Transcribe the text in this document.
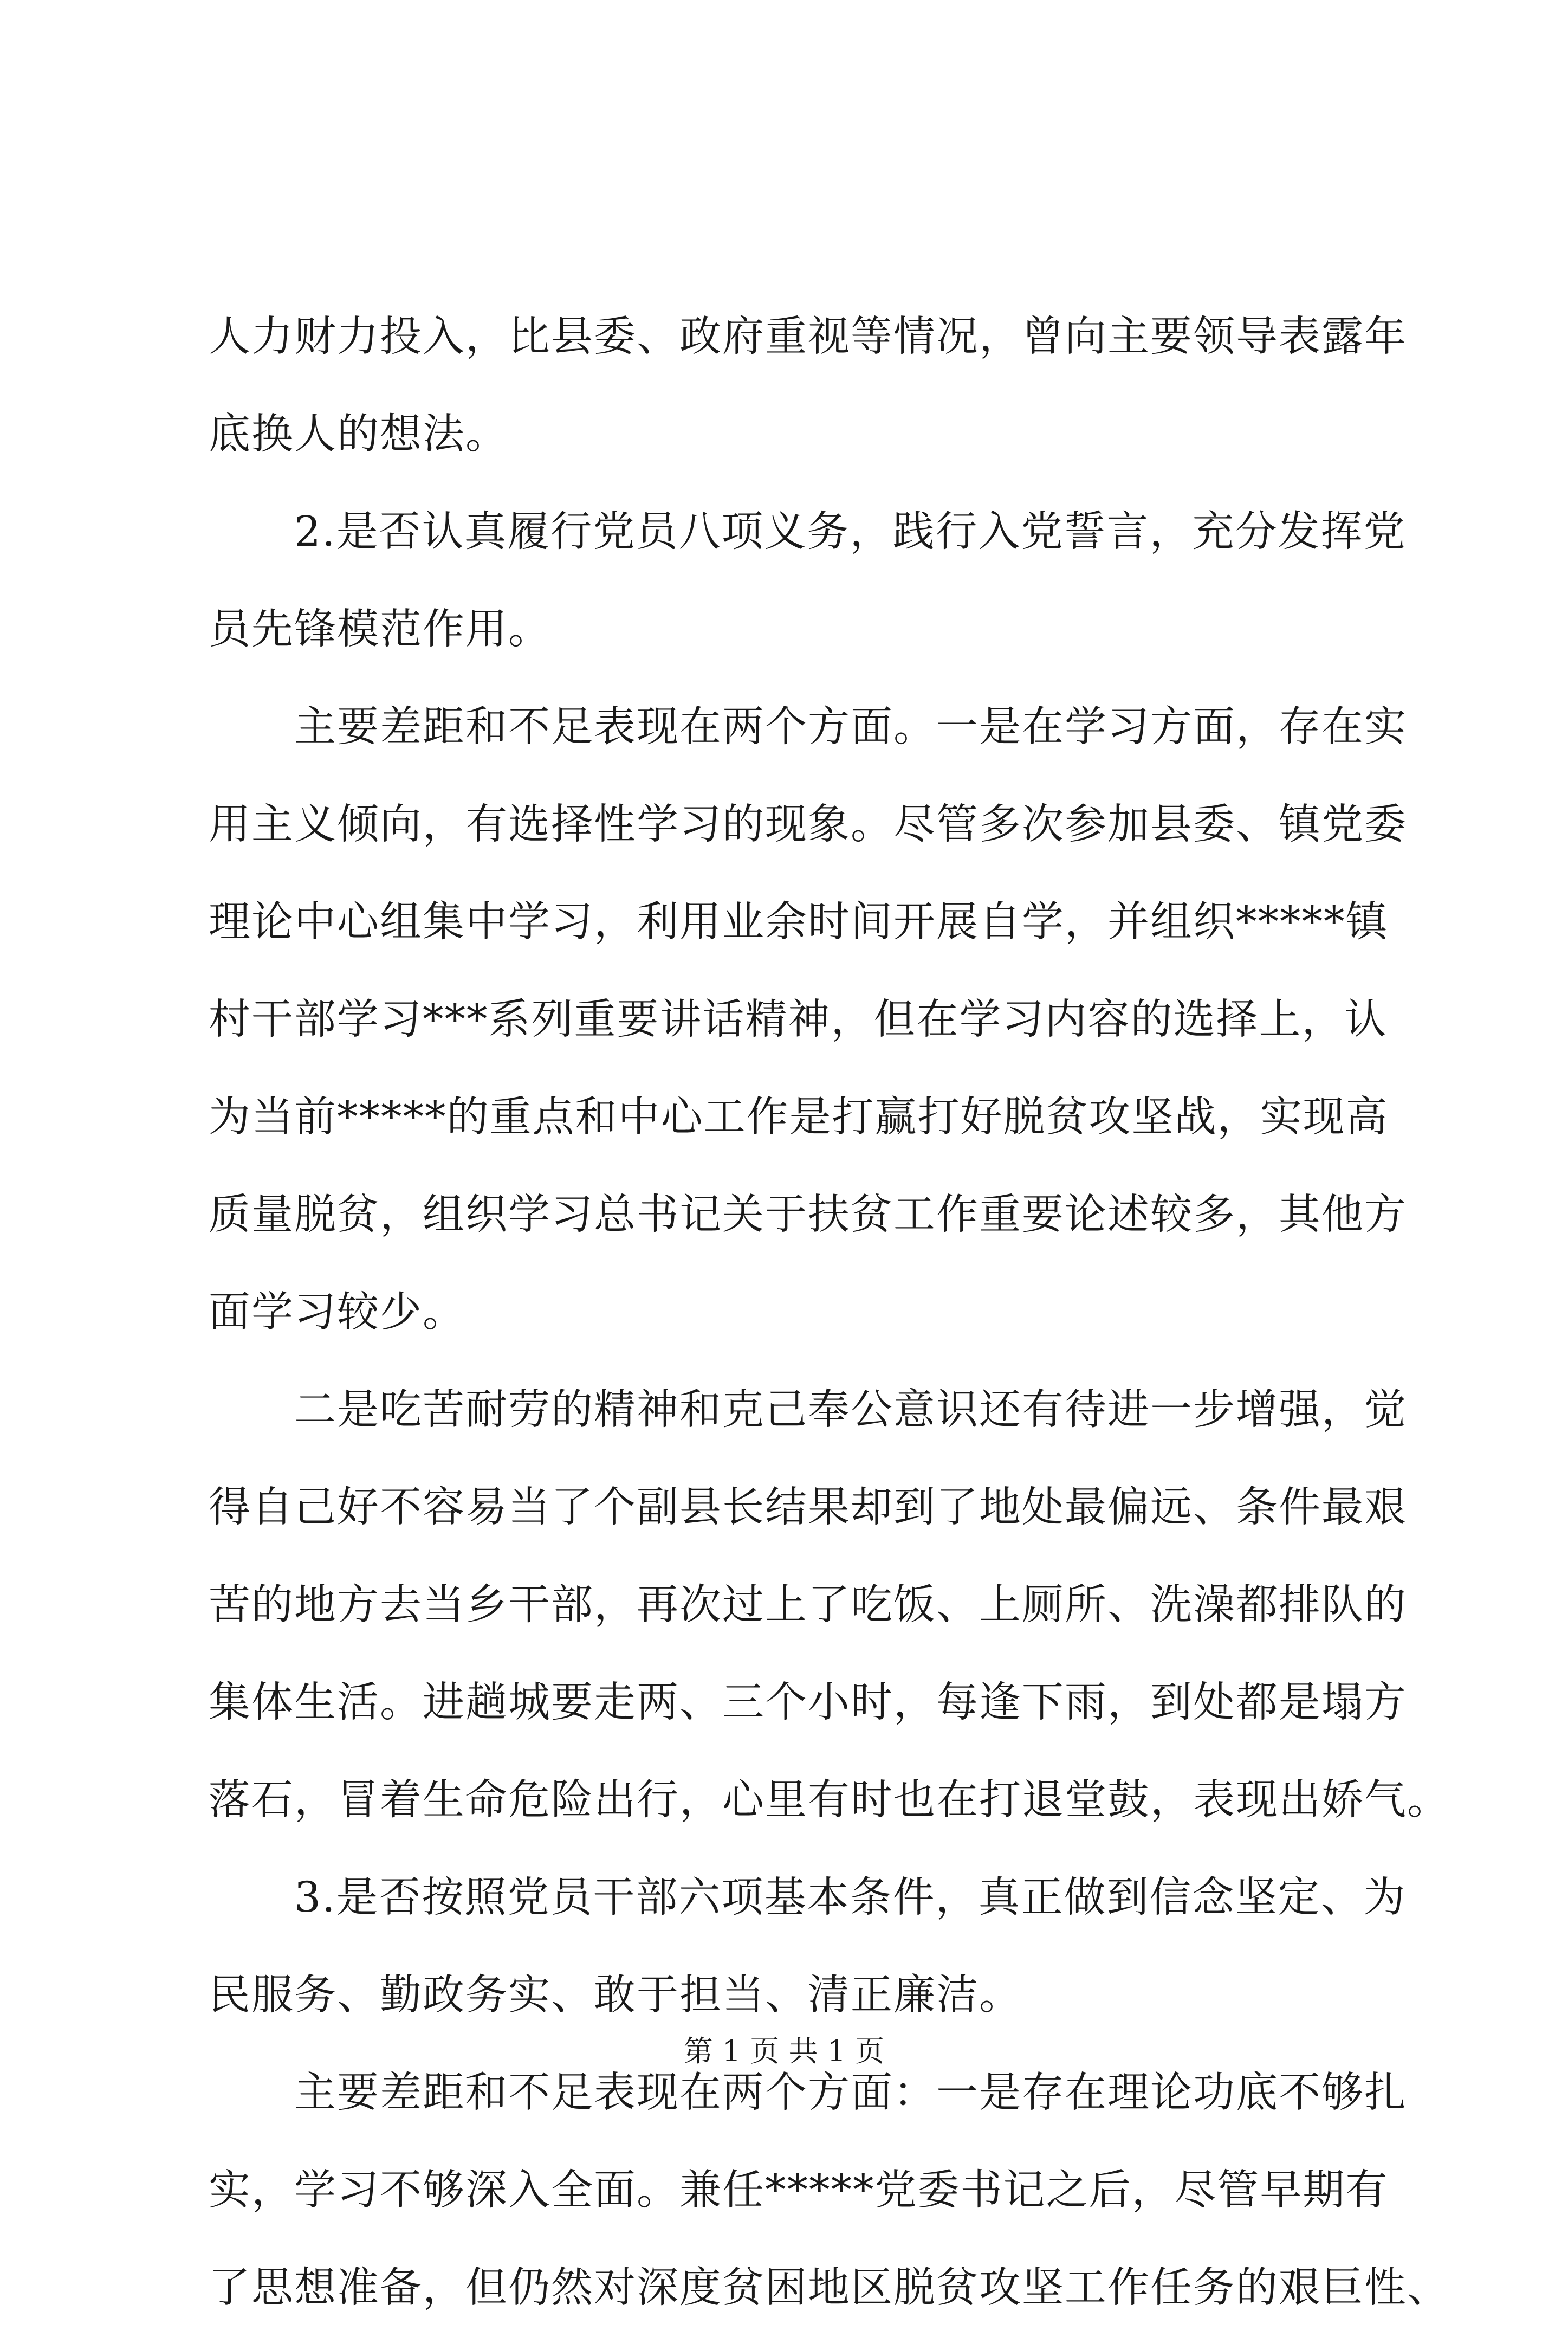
人力财力投入，比县委、政府重视等情况，曾向主要领导表露年
底换人的想法。
2.是否认真履行党员八项义务，践行入党誓言，充分发挥党
员先锋模范作用。
主要差距和不足表现在两个方面。一是在学习方面，存在实
用主义倾向，有选择性学习的现象。尽管多次参加县委、镇党委
理论中心组集中学习，利用业余时间开展自学，并组织*****镇
村干部学习***系列重要讲话精神，但在学习内容的选择上，认
为当前*****的重点和中心工作是打赢打好脱贫攻坚战，实现高
质量脱贫，组织学习总书记关于扶贫工作重要论述较多，其他方
面学习较少。
二是吃苦耐劳的精神和克己奉公意识还有待进一步增强，觉
得自己好不容易当了个副县长结果却到了地处最偏远、条件最艰
苦的地方去当乡干部，再次过上了吃饭、上厕所、洗澡都排队的
集体生活。进趟城要走两、三个小时，每逢下雨，到处都是塌方
落石，冒着生命危险出行，心里有时也在打退堂鼓，表现出娇气。
3.是否按照党员干部六项基本条件，真正做到信念坚定、为
民服务、勤政务实、敢于担当、清正廉洁。
主要差距和不足表现在两个方面：一是存在理论功底不够扎
实，学习不够深入全面。兼任*****党委书记之后，尽管早期有
了思想准备，但仍然对深度贫困地区脱贫攻坚工作任务的艰巨性、
第 1 页 共 1 页
